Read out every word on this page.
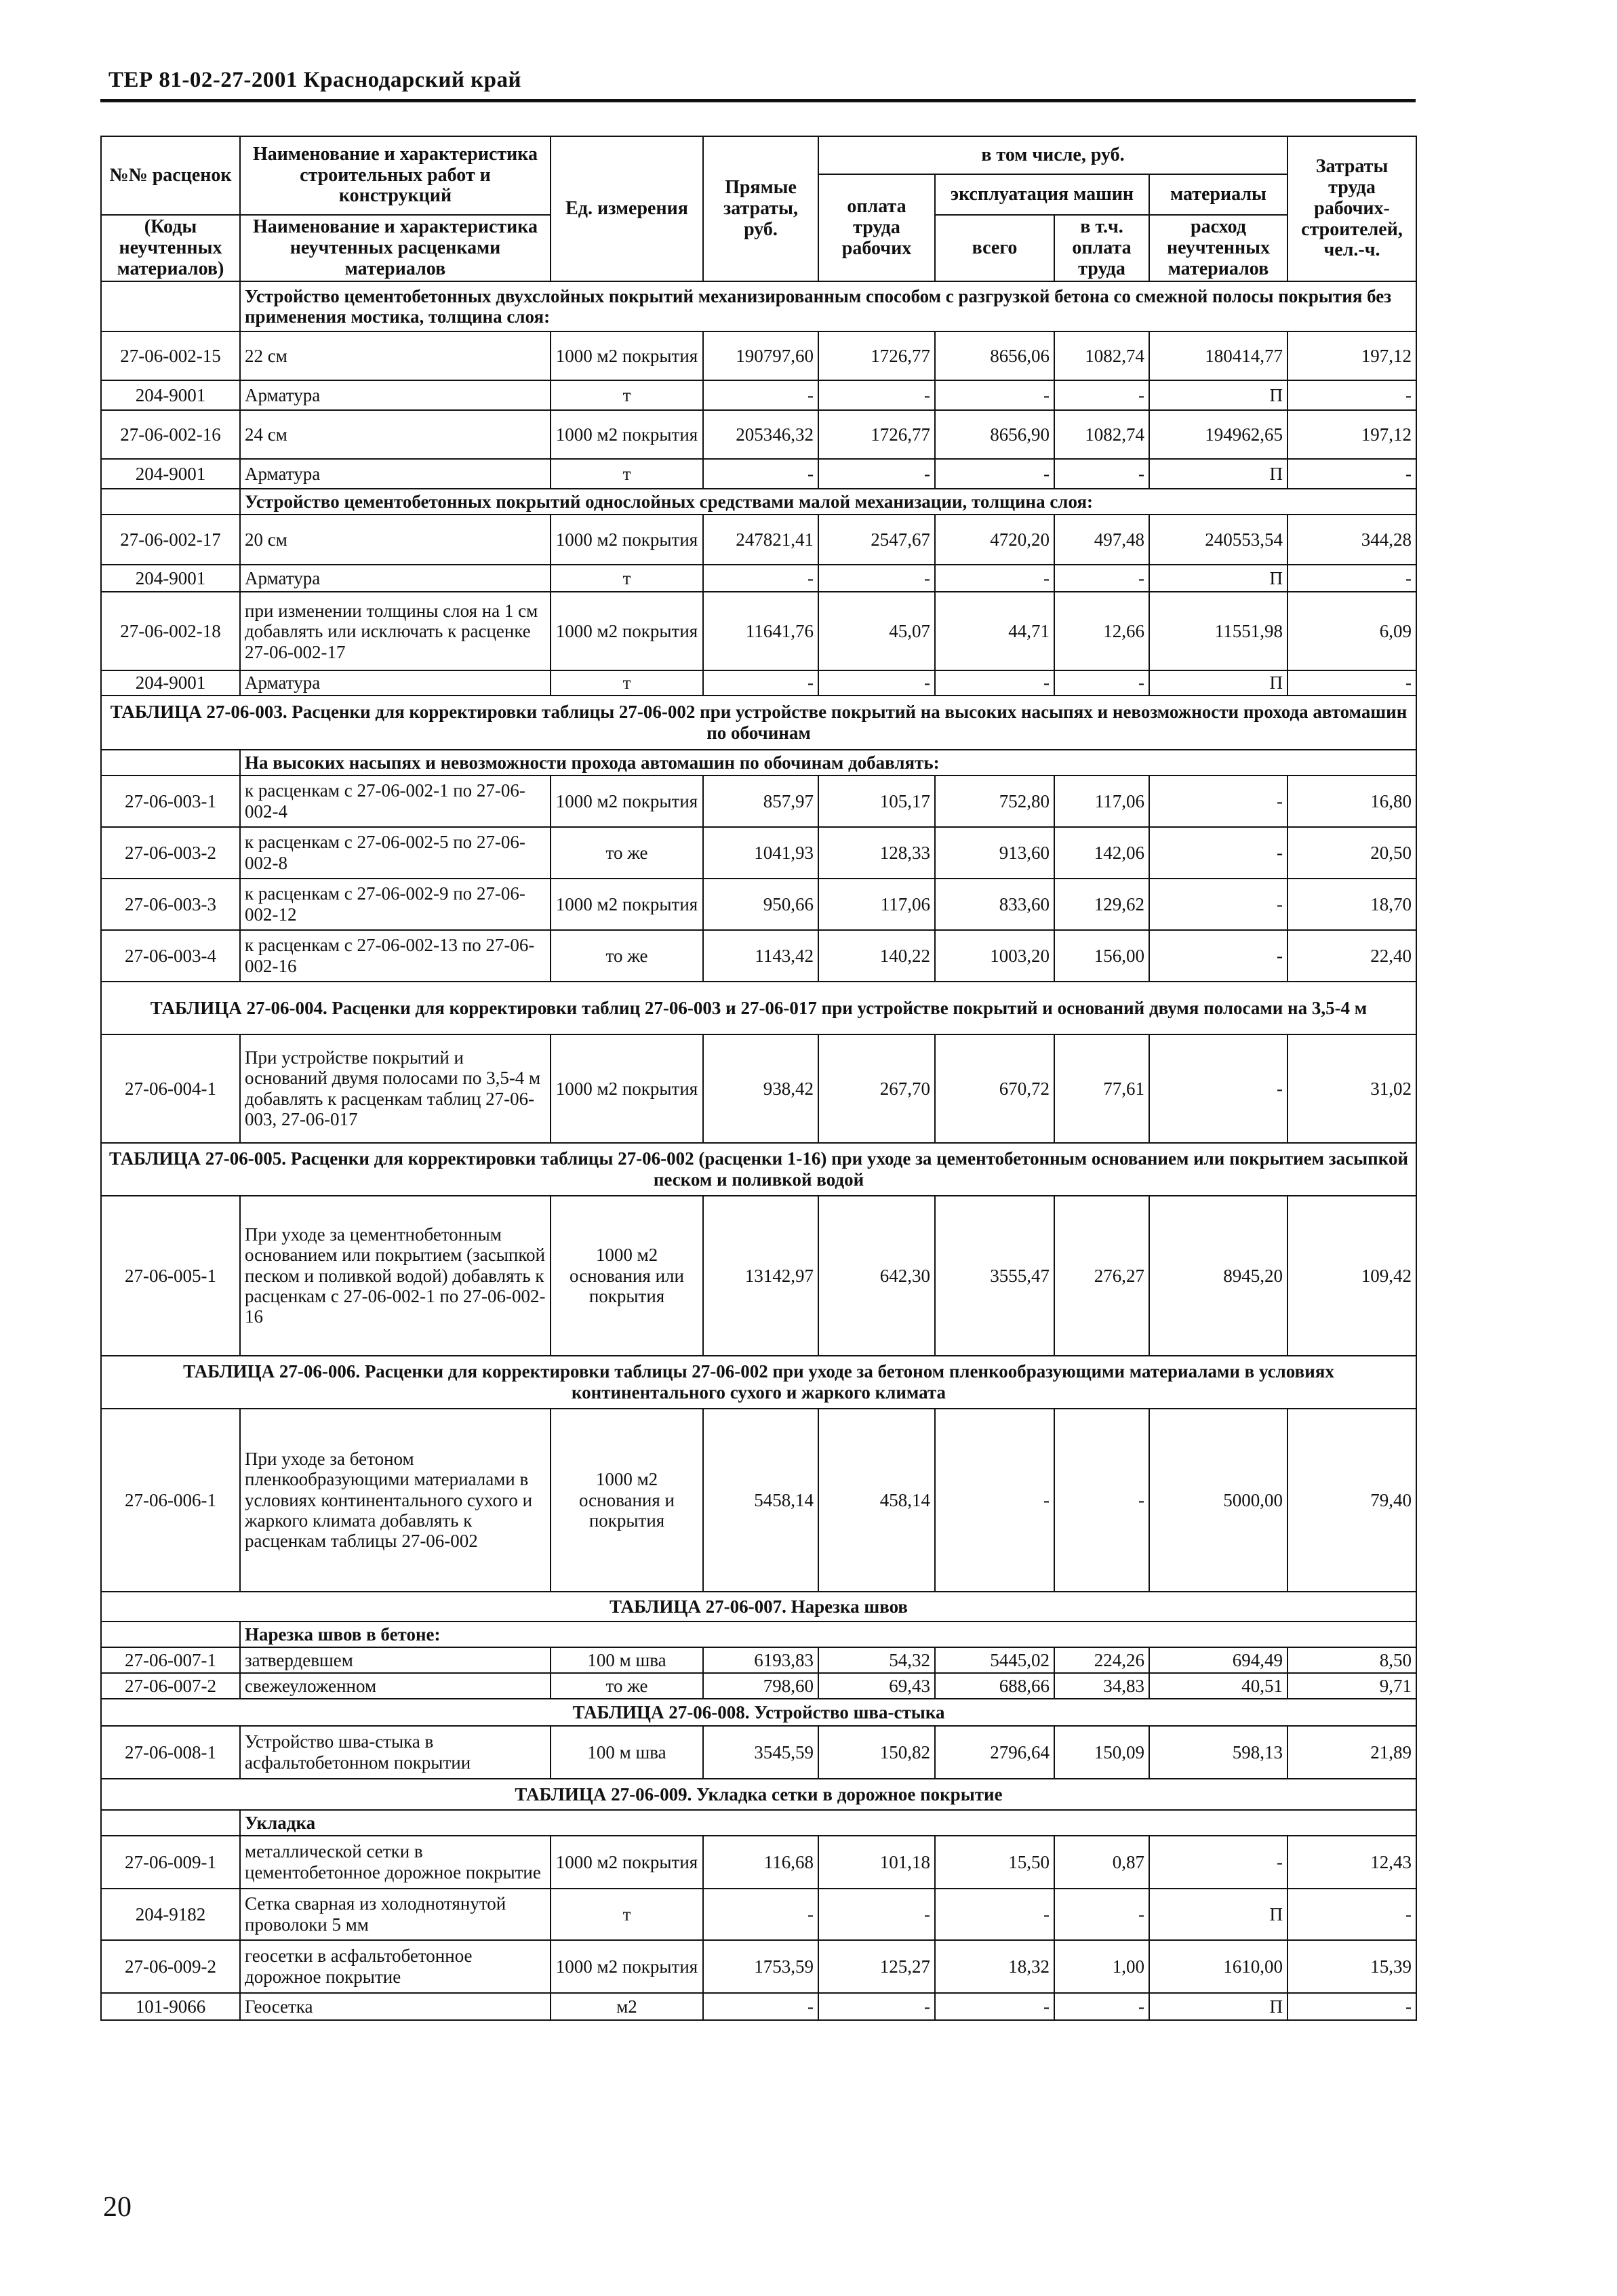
ТЕР 81-02-27-2001 Краснодарский край
№№ расценок	Наименование и характеристика строительных работ и конструкций	Ед. измерения	Прямые затраты, руб.	в том числе, руб.				Затраты труда рабочих-строителей, чел.-ч.
				оплата труда рабочих	эксплуатация машин		материалы	
(Коды неучтенных материалов)	Наименование и характеристика неучтенных расценками материалов				всего	в т.ч. оплата труда	расход неучтенных материалов	

	Устройство цементобетонных двухслойных покрытий механизированным способом с разгрузкой бетона со смежной полосы покрытия без применения мостика, толщина слоя:							
27-06-002-15	22 см	1000 м2 покрытия	190797,60	1726,77	8656,06	1082,74	180414,77	197,12
204-9001	Арматура	т	-	-	-	-	П	-
27-06-002-16	24 см	1000 м2 покрытия	205346,32	1726,77	8656,90	1082,74	194962,65	197,12
204-9001	Арматура	т	-	-	-	-	П	-
	Устройство цементобетонных покрытий однослойных средствами малой механизации, толщина слоя:							
27-06-002-17	20 см	1000 м2 покрытия	247821,41	2547,67	4720,20	497,48	240553,54	344,28
204-9001	Арматура	т	-	-	-	-	П	-
27-06-002-18	при изменении толщины слоя на 1 см добавлять или исключать к расценке 27-06-002-17	1000 м2 покрытия	11641,76	45,07	44,71	12,66	11551,98	6,09
204-9001	Арматура	т	-	-	-	-	П	-
ТАБЛИЦА 27-06-003. Расценки для корректировки таблицы 27-06-002 при устройстве покрытий на высоких насыпях и невозможности прохода автомашин по обочинам								
	На высоких насыпях и невозможности прохода автомашин по обочинам добавлять:							
27-06-003-1	к расценкам с 27-06-002-1 по 27-06-002-4	1000 м2 покрытия	857,97	105,17	752,80	117,06	-	16,80
27-06-003-2	к расценкам с 27-06-002-5 по 27-06-002-8	то же	1041,93	128,33	913,60	142,06	-	20,50
27-06-003-3	к расценкам с 27-06-002-9 по 27-06-002-12	1000 м2 покрытия	950,66	117,06	833,60	129,62	-	18,70
27-06-003-4	к расценкам с 27-06-002-13 по 27-06-002-16	то же	1143,42	140,22	1003,20	156,00	-	22,40
ТАБЛИЦА 27-06-004. Расценки для корректировки таблиц 27-06-003 и 27-06-017 при устройстве покрытий и оснований двумя полосами на 3,5-4 м								
27-06-004-1	При устройстве покрытий и оснований двумя полосами по 3,5-4 м добавлять к расценкам таблиц 27-06-003, 27-06-017	1000 м2 покрытия	938,42	267,70	670,72	77,61	-	31,02
ТАБЛИЦА 27-06-005. Расценки для корректировки таблицы 27-06-002 (расценки 1-16) при уходе за цементобетонным основанием или покрытием засыпкой песком и поливкой водой								
27-06-005-1	При уходе за цементнобетонным основанием или покрытием (засыпкой песком и поливкой водой) добавлять к расценкам с 27-06-002-1 по 27-06-002-16	1000 м2 основания или покрытия	13142,97	642,30	3555,47	276,27	8945,20	109,42
ТАБЛИЦА 27-06-006. Расценки для корректировки таблицы 27-06-002 при уходе за бетоном пленкообразующими материалами в условиях континентального сухого и жаркого климата								
27-06-006-1	При уходе за бетоном пленкообразующими материалами в условиях континентального сухого и жаркого климата добавлять к расценкам таблицы 27-06-002	1000 м2 основания и покрытия	5458,14	458,14	-	-	5000,00	79,40
ТАБЛИЦА 27-06-007. Нарезка швов								
	Нарезка швов в бетоне:							
27-06-007-1	затвердевшем	100 м шва	6193,83	54,32	5445,02	224,26	694,49	8,50
27-06-007-2	свежеуложенном	то же	798,60	69,43	688,66	34,83	40,51	9,71
ТАБЛИЦА 27-06-008. Устройство шва-стыка								
27-06-008-1	Устройство шва-стыка в асфальтобетонном покрытии	100 м шва	3545,59	150,82	2796,64	150,09	598,13	21,89
ТАБЛИЦА 27-06-009. Укладка сетки в дорожное покрытие								
	Укладка							
27-06-009-1	металлической сетки в цементобетонное дорожное покрытие	1000 м2 покрытия	116,68	101,18	15,50	0,87	-	12,43
204-9182	Сетка сварная из холоднотянутой проволоки 5 мм	т	-	-	-	-	П	-
27-06-009-2	геосетки в асфальтобетонное дорожное покрытие	1000 м2 покрытия	1753,59	125,27	18,32	1,00	1610,00	15,39
101-9066	Геосетка	м2	-	-	-	-	П	-
20
